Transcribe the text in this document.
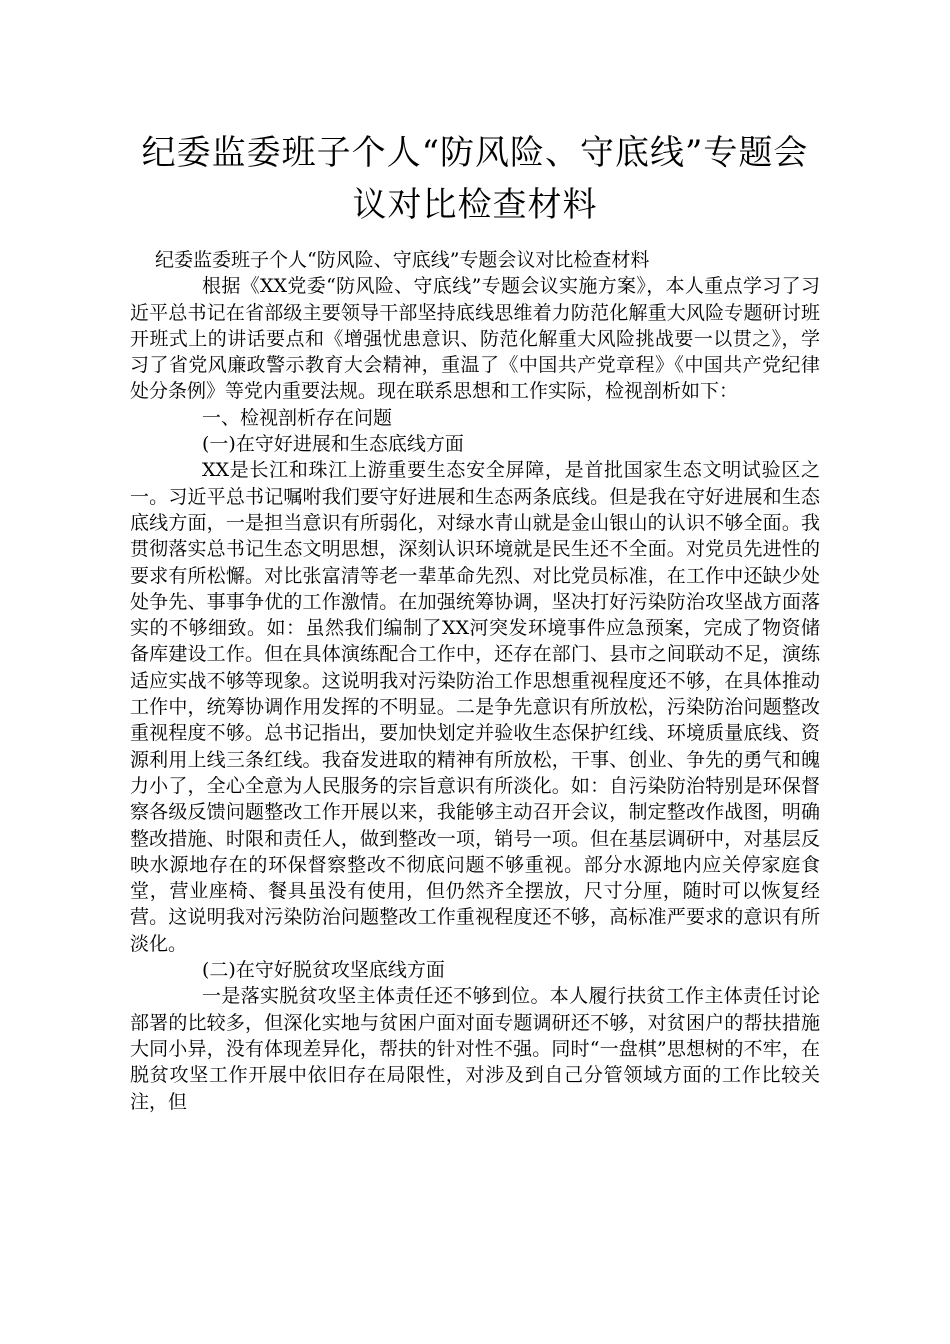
纪委监委班子个人“防风险、守底线”专题会议对比检查材料

纪委监委班子个人“防风险、守底线”专题会议对比检查材料

根据《XX党委“防风险、守底线”专题会议实施方案》，本人重点学习了习近平总书记在省部级主要领导干部坚持底线思维着力防范化解重大风险专题研讨班开班式上的讲话要点和《增强忧患意识、防范化解重大风险挑战要一以贯之》，学习了省党风廉政警示教育大会精神，重温了《中国共产党章程》《中国共产党纪律处分条例》等党内重要法规。现在联系思想和工作实际，检视剖析如下：

一、检视剖析存在问题

(一)在守好进展和生态底线方面

XX是长江和珠江上游重要生态安全屏障，是首批国家生态文明试验区之一。习近平总书记嘱咐我们要守好进展和生态两条底线。但是我在守好进展和生态底线方面，一是担当意识有所弱化，对绿水青山就是金山银山的认识不够全面。我贯彻落实总书记生态文明思想，深刻认识环境就是民生还不全面。对党员先进性的要求有所松懈。对比张富清等老一辈革命先烈、对比党员标准，在工作中还缺少处处争先、事事争优的工作激情。在加强统筹协调，坚决打好污染防治攻坚战方面落实的不够细致。如：虽然我们编制了XX河突发环境事件应急预案，完成了物资储备库建设工作。但在具体演练配合工作中，还存在部门、县市之间联动不足，演练适应实战不够等现象。这说明我对污染防治工作思想重视程度还不够，在具体推动工作中，统筹协调作用发挥的不明显。二是争先意识有所放松，污染防治问题整改重视程度不够。总书记指出，要加快划定并验收生态保护红线、环境质量底线、资源利用上线三条红线。我奋发进取的精神有所放松，干事、创业、争先的勇气和魄力小了，全心全意为人民服务的宗旨意识有所淡化。如：自污染防治特别是环保督察各级反馈问题整改工作开展以来，我能够主动召开会议，制定整改作战图，明确整改措施、时限和责任人，做到整改一项，销号一项。但在基层调研中，对基层反映水源地存在的环保督察整改不彻底问题不够重视。部分水源地内应关停家庭食堂，营业座椅、餐具虽没有使用，但仍然齐全摆放，尺寸分厘，随时可以恢复经营。这说明我对污染防治问题整改工作重视程度还不够，高标准严要求的意识有所淡化。

(二)在守好脱贫攻坚底线方面

一是落实脱贫攻坚主体责任还不够到位。本人履行扶贫工作主体责任讨论部署的比较多，但深化实地与贫困户面对面专题调研还不够，对贫困户的帮扶措施大同小异，没有体现差异化，帮扶的针对性不强。同时“一盘棋”思想树的不牢，在脱贫攻坚工作开展中依旧存在局限性，对涉及到自己分管领域方面的工作比较关注，但
